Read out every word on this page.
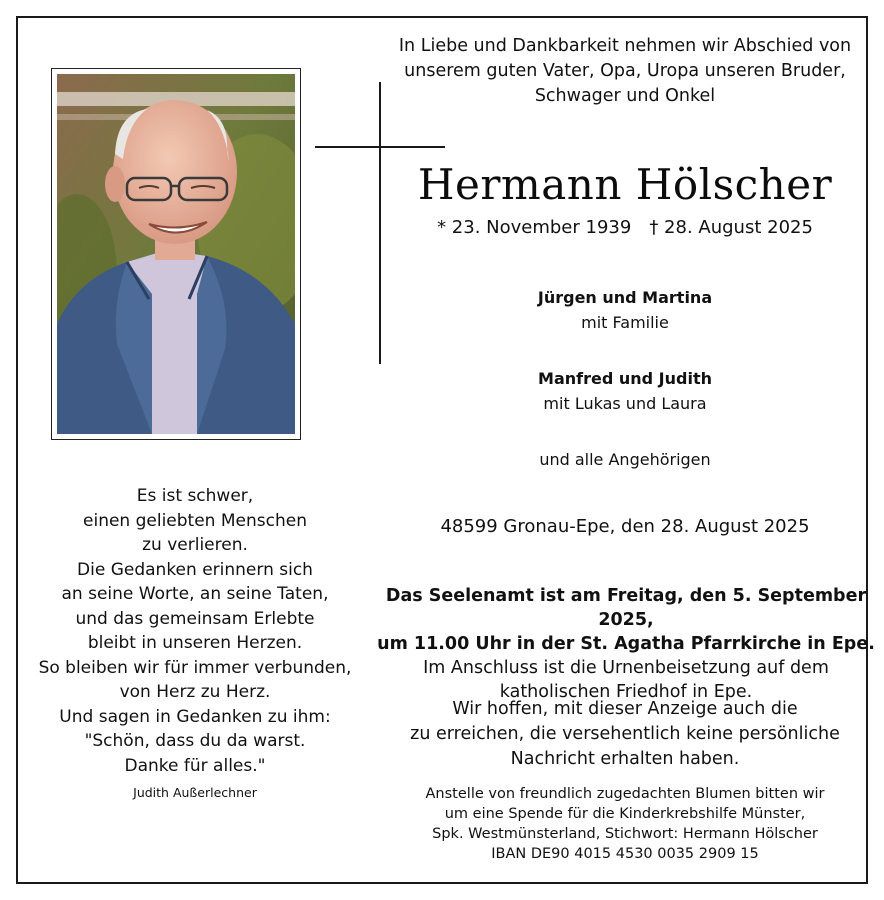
In Liebe und Dankbarkeit nehmen wir Abschied von
unserem guten Vater, Opa, Uropa unseren Bruder,
Schwager und Onkel
Hermann Hölscher
* 23. November 1939 † 28. August 2025
Jürgen und Martina
mit Familie
Manfred und Judith
mit Lukas und Laura
und alle Angehörigen
Es ist schwer,
einen geliebten Menschen
zu verlieren.
Die Gedanken erinnern sich
an seine Worte, an seine Taten,
und das gemeinsam Erlebte
bleibt in unseren Herzen.
So bleiben wir für immer verbunden,
von Herz zu Herz.
Und sagen in Gedanken zu ihm:
"Schön, dass du da warst.
Danke für alles."
Judith Außerlechner
48599 Gronau-Epe, den 28. August 2025
Das Seelenamt ist am Freitag, den 5. September 2025,
um 11.00 Uhr in der St. Agatha Pfarrkirche in Epe.
Im Anschluss ist die Urnenbeisetzung auf dem
katholischen Friedhof in Epe.
Wir hoffen, mit dieser Anzeige auch die
zu erreichen, die versehentlich keine persönliche
Nachricht erhalten haben.
Anstelle von freundlich zugedachten Blumen bitten wir
um eine Spende für die Kinderkrebshilfe Münster,
Spk. Westmünsterland, Stichwort: Hermann Hölscher
IBAN DE90 4015 4530 0035 2909 15
